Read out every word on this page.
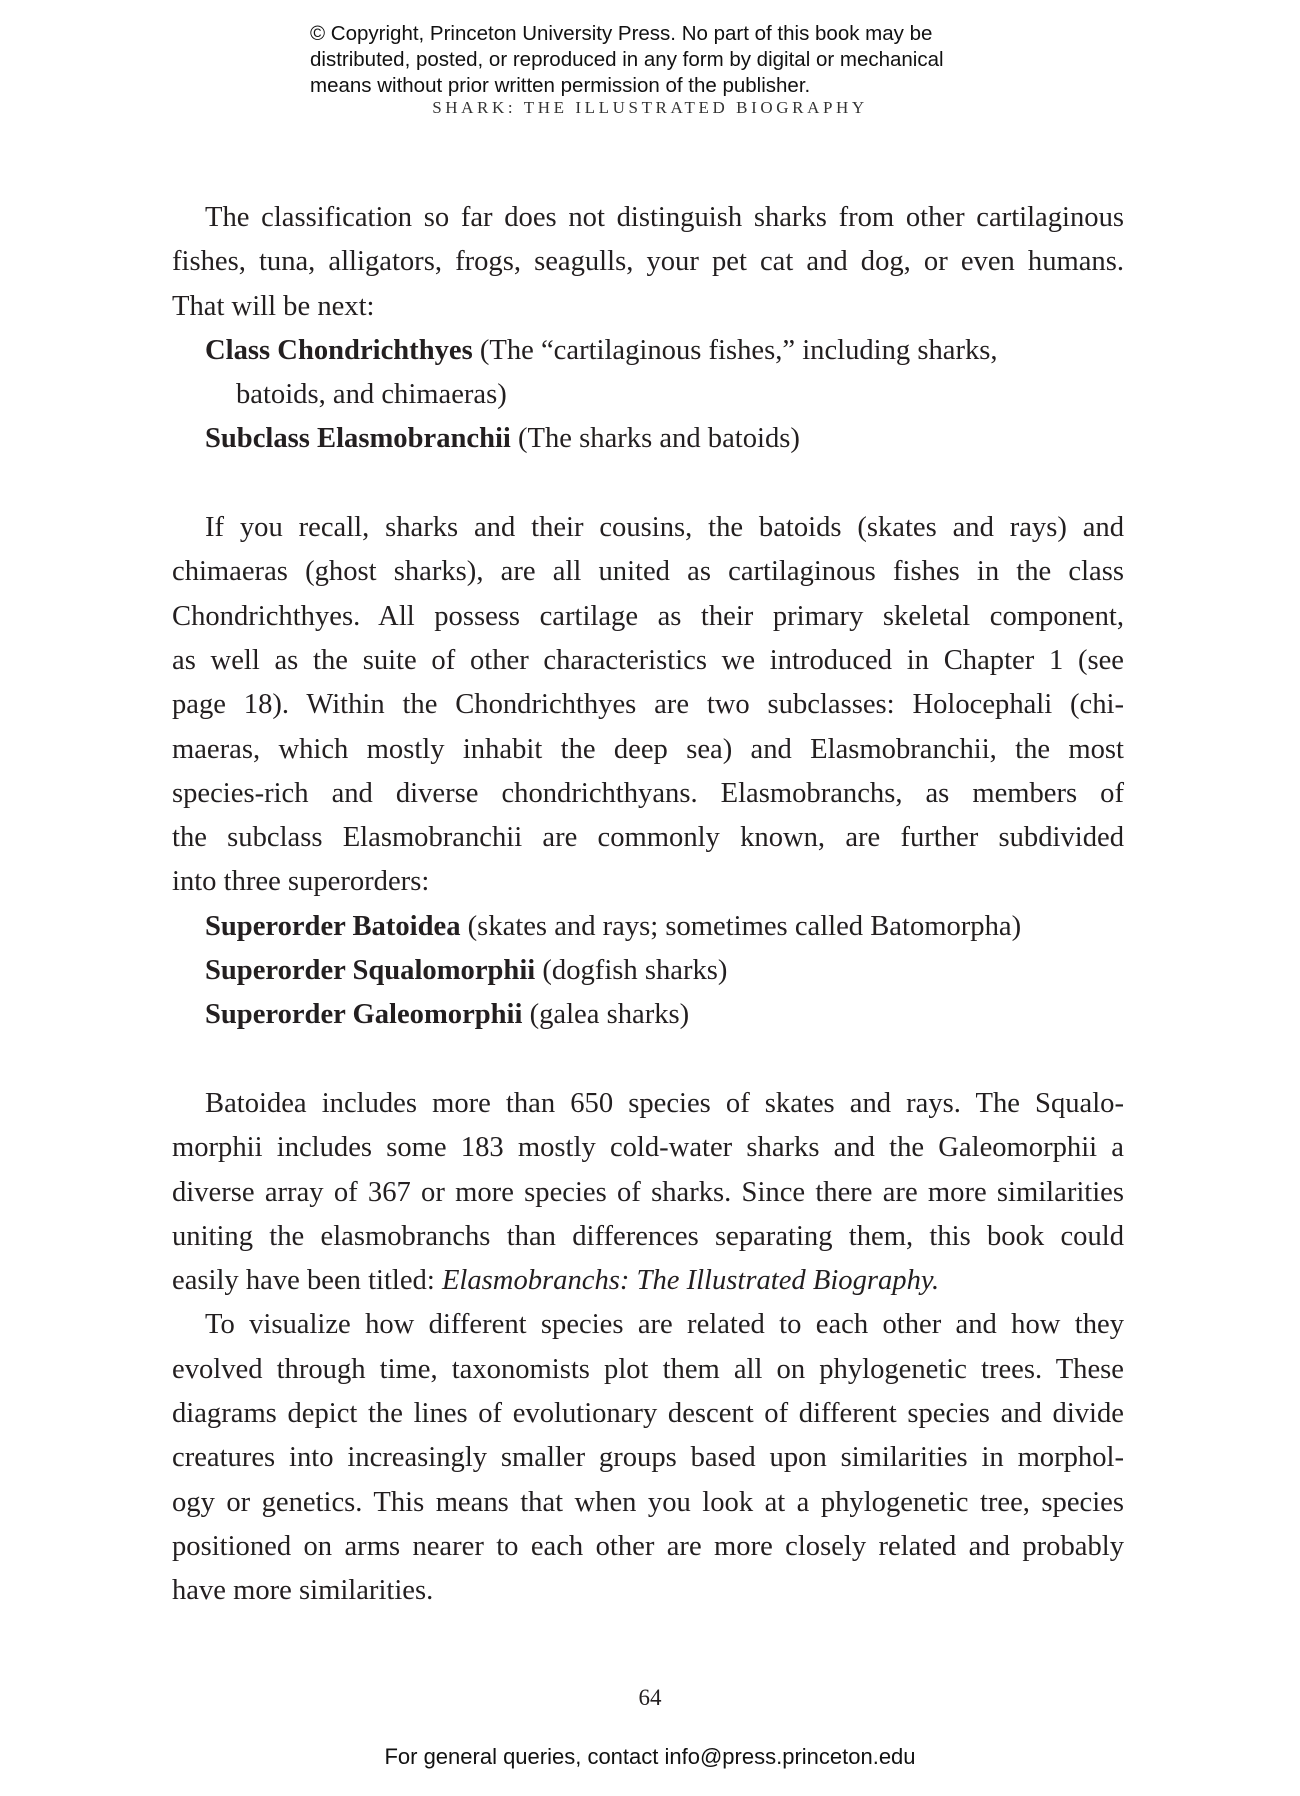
© Copyright, Princeton University Press. No part of this book may be
distributed, posted, or reproduced in any form by digital or mechanical
means without prior written permission of the publisher.
SHARK: THE ILLUSTRATED BIOGRAPHY
The classification so far does not distinguish sharks from other cartilaginous
fishes, tuna, alligators, frogs, seagulls, your pet cat and dog, or even humans.
That will be next:
Class Chondrichthyes (The “cartilaginous fishes,” including sharks,
batoids, and chimaeras)
Subclass Elasmobranchii (The sharks and batoids)
If you recall, sharks and their cousins, the batoids (skates and rays) and
chimaeras (ghost sharks), are all united as cartilaginous fishes in the class
Chondrichthyes. All possess cartilage as their primary skeletal component,
as well as the suite of other characteristics we introduced in Chapter 1 (see
page 18). Within the Chondrichthyes are two subclasses: Holocephali (chi-
maeras, which mostly inhabit the deep sea) and Elasmobranchii, the most
species-rich and diverse chondrichthyans. Elasmobranchs, as members of
the subclass Elasmobranchii are commonly known, are further subdivided
into three superorders:
Superorder Batoidea (skates and rays; sometimes called Batomorpha)
Superorder Squalomorphii (dogfish sharks)
Superorder Galeomorphii (galea sharks)
Batoidea includes more than 650 species of skates and rays. The Squalo-
morphii includes some 183 mostly cold-water sharks and the Galeomorphii a
diverse array of 367 or more species of sharks. Since there are more similarities
uniting the elasmobranchs than differences separating them, this book could
easily have been titled: Elasmobranchs: The Illustrated Biography.
To visualize how different species are related to each other and how they
evolved through time, taxonomists plot them all on phylogenetic trees. These
diagrams depict the lines of evolutionary descent of different species and divide
creatures into increasingly smaller groups based upon similarities in morphol-
ogy or genetics. This means that when you look at a phylogenetic tree, species
positioned on arms nearer to each other are more closely related and probably
have more similarities.
64
For general queries, contact info@press.princeton.edu
